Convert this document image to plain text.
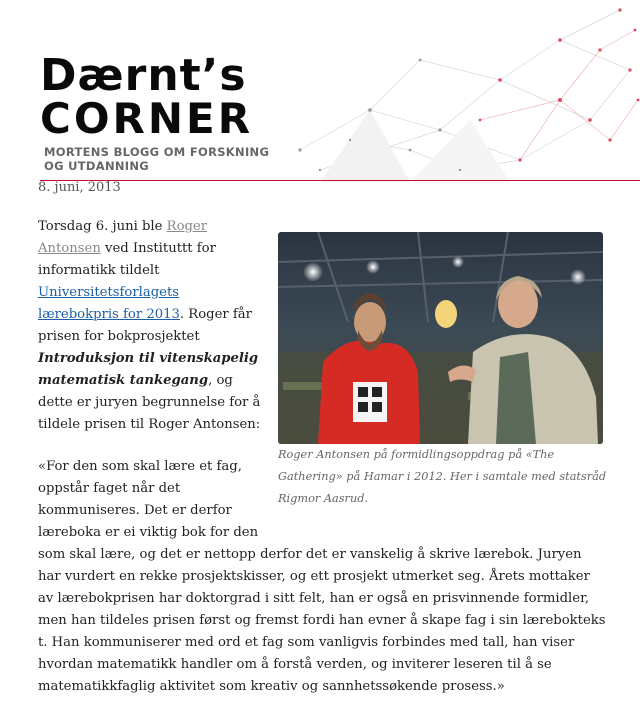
Dærnt’s
CORNER

MORTENS BLOGG OM FORSKNING OG UTDANNING

8. juni, 2013

Roger Antonsen på formidlingsoppdrag på «The Gathering» på Hamar i 2012. Her i samtale med statsråd Rigmor Aasrud.

Torsdag 6. juni ble Roger Antonsen ved Instituttt for informatikk tildelt Universitetsforlagets lærebokpris for 2013. Roger får prisen for bokprosjektet Introduksjon til vitenskapelig matematisk tankegang, og dette er juryen begrunnelse for å tildele prisen til Roger Antonsen:

«For den som skal lære et fag, oppstår faget når det kommuniseres. Det er derfor læreboka er ei viktig bok for den som skal lære, og det er nettopp derfor det er vanskelig å skrive lærebok. Juryen har vurdert en rekke prosjektskisser, og ett prosjekt utmerket seg. Årets mottaker av lærebokprisen har doktorgrad i sitt felt, han er også en prisvinnende formidler, men han tildeles prisen først og fremst fordi han evner å skape fag i sin lærebokteks t. Han kommuniserer med ord et fag som vanligvis forbindes med tall, han viser hvordan matematikk handler om å forstå verden, og inviterer leseren til å se matematikkfaglig aktivitet som kreativ og sannhetssøkende prosess.»
